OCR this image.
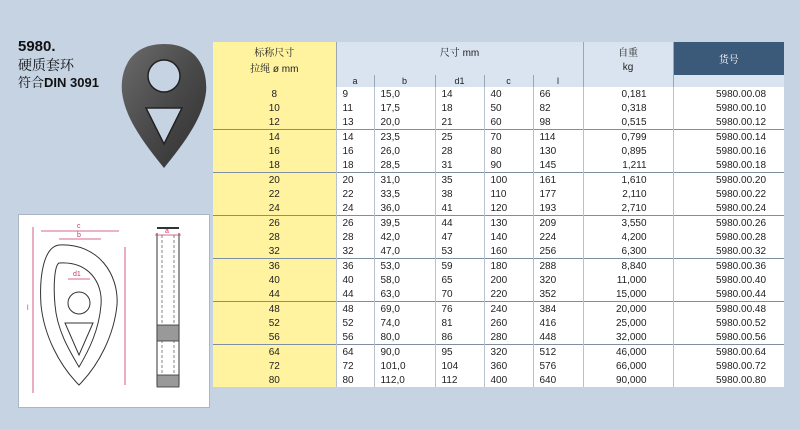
5980.

硬质套环

符合DIN 3091

l
c
b
d1
a
标称尺寸	尺寸 mm					自重	货号
拉绳 ø mm						kg	
	a	b	d1	c	l		
8	9	15,0	14	40	66	0,181	5980.00.08
10	11	17,5	18	50	82	0,318	5980.00.10
12	13	20,0	21	60	98	0,515	5980.00.12
14	14	23,5	25	70	114	0,799	5980.00.14
16	16	26,0	28	80	130	0,895	5980.00.16
18	18	28,5	31	90	145	1,211	5980.00.18
20	20	31,0	35	100	161	1,610	5980.00.20
22	22	33,5	38	110	177	2,110	5980.00.22
24	24	36,0	41	120	193	2,710	5980.00.24
26	26	39,5	44	130	209	3,550	5980.00.26
28	28	42,0	47	140	224	4,200	5980.00.28
32	32	47,0	53	160	256	6,300	5980.00.32
36	36	53,0	59	180	288	8,840	5980.00.36
40	40	58,0	65	200	320	11,000	5980.00.40
44	44	63,0	70	220	352	15,000	5980.00.44
48	48	69,0	76	240	384	20,000	5980.00.48
52	52	74,0	81	260	416	25,000	5980.00.52
56	56	80,0	86	280	448	32,000	5980.00.56
64	64	90,0	95	320	512	46,000	5980.00.64
72	72	101,0	104	360	576	66,000	5980.00.72
80	80	112,0	112	400	640	90,000	5980.00.80
